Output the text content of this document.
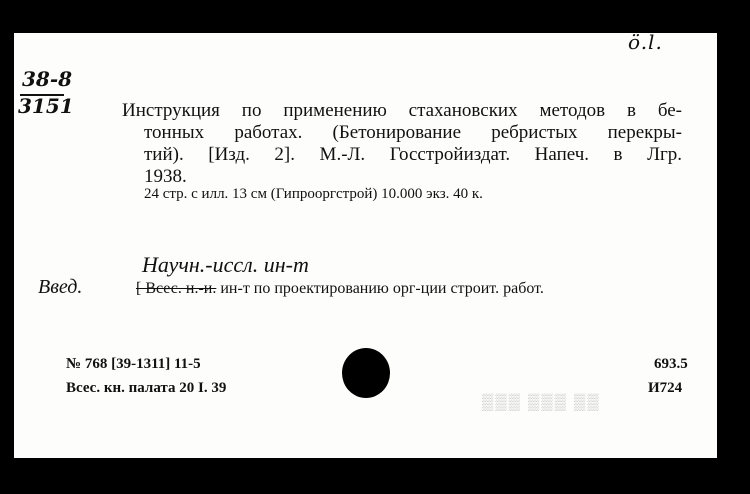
38-8
3151
ö.l.
Инструкция по применению стахановских методов в бе-
тонных работах. (Бетонирование ребристых перекры-
тий). [Изд. 2]. М.-Л. Госстройиздат. Напеч. в Лгр.
1938.
24 стр. с илл. 13 см (Гипрооргстрой) 10.000 экз. 40 к.
Научн.-иссл. ин-т
Введ.	[ Всес. н.-и. ин-т по проектированию орг-ции строит. работ.
№ 768 [39-1311] 11-5
Всес. кн. палата 20 I. 39
693.5
И724
▒▒▒ ▒▒▒ ▒▒
